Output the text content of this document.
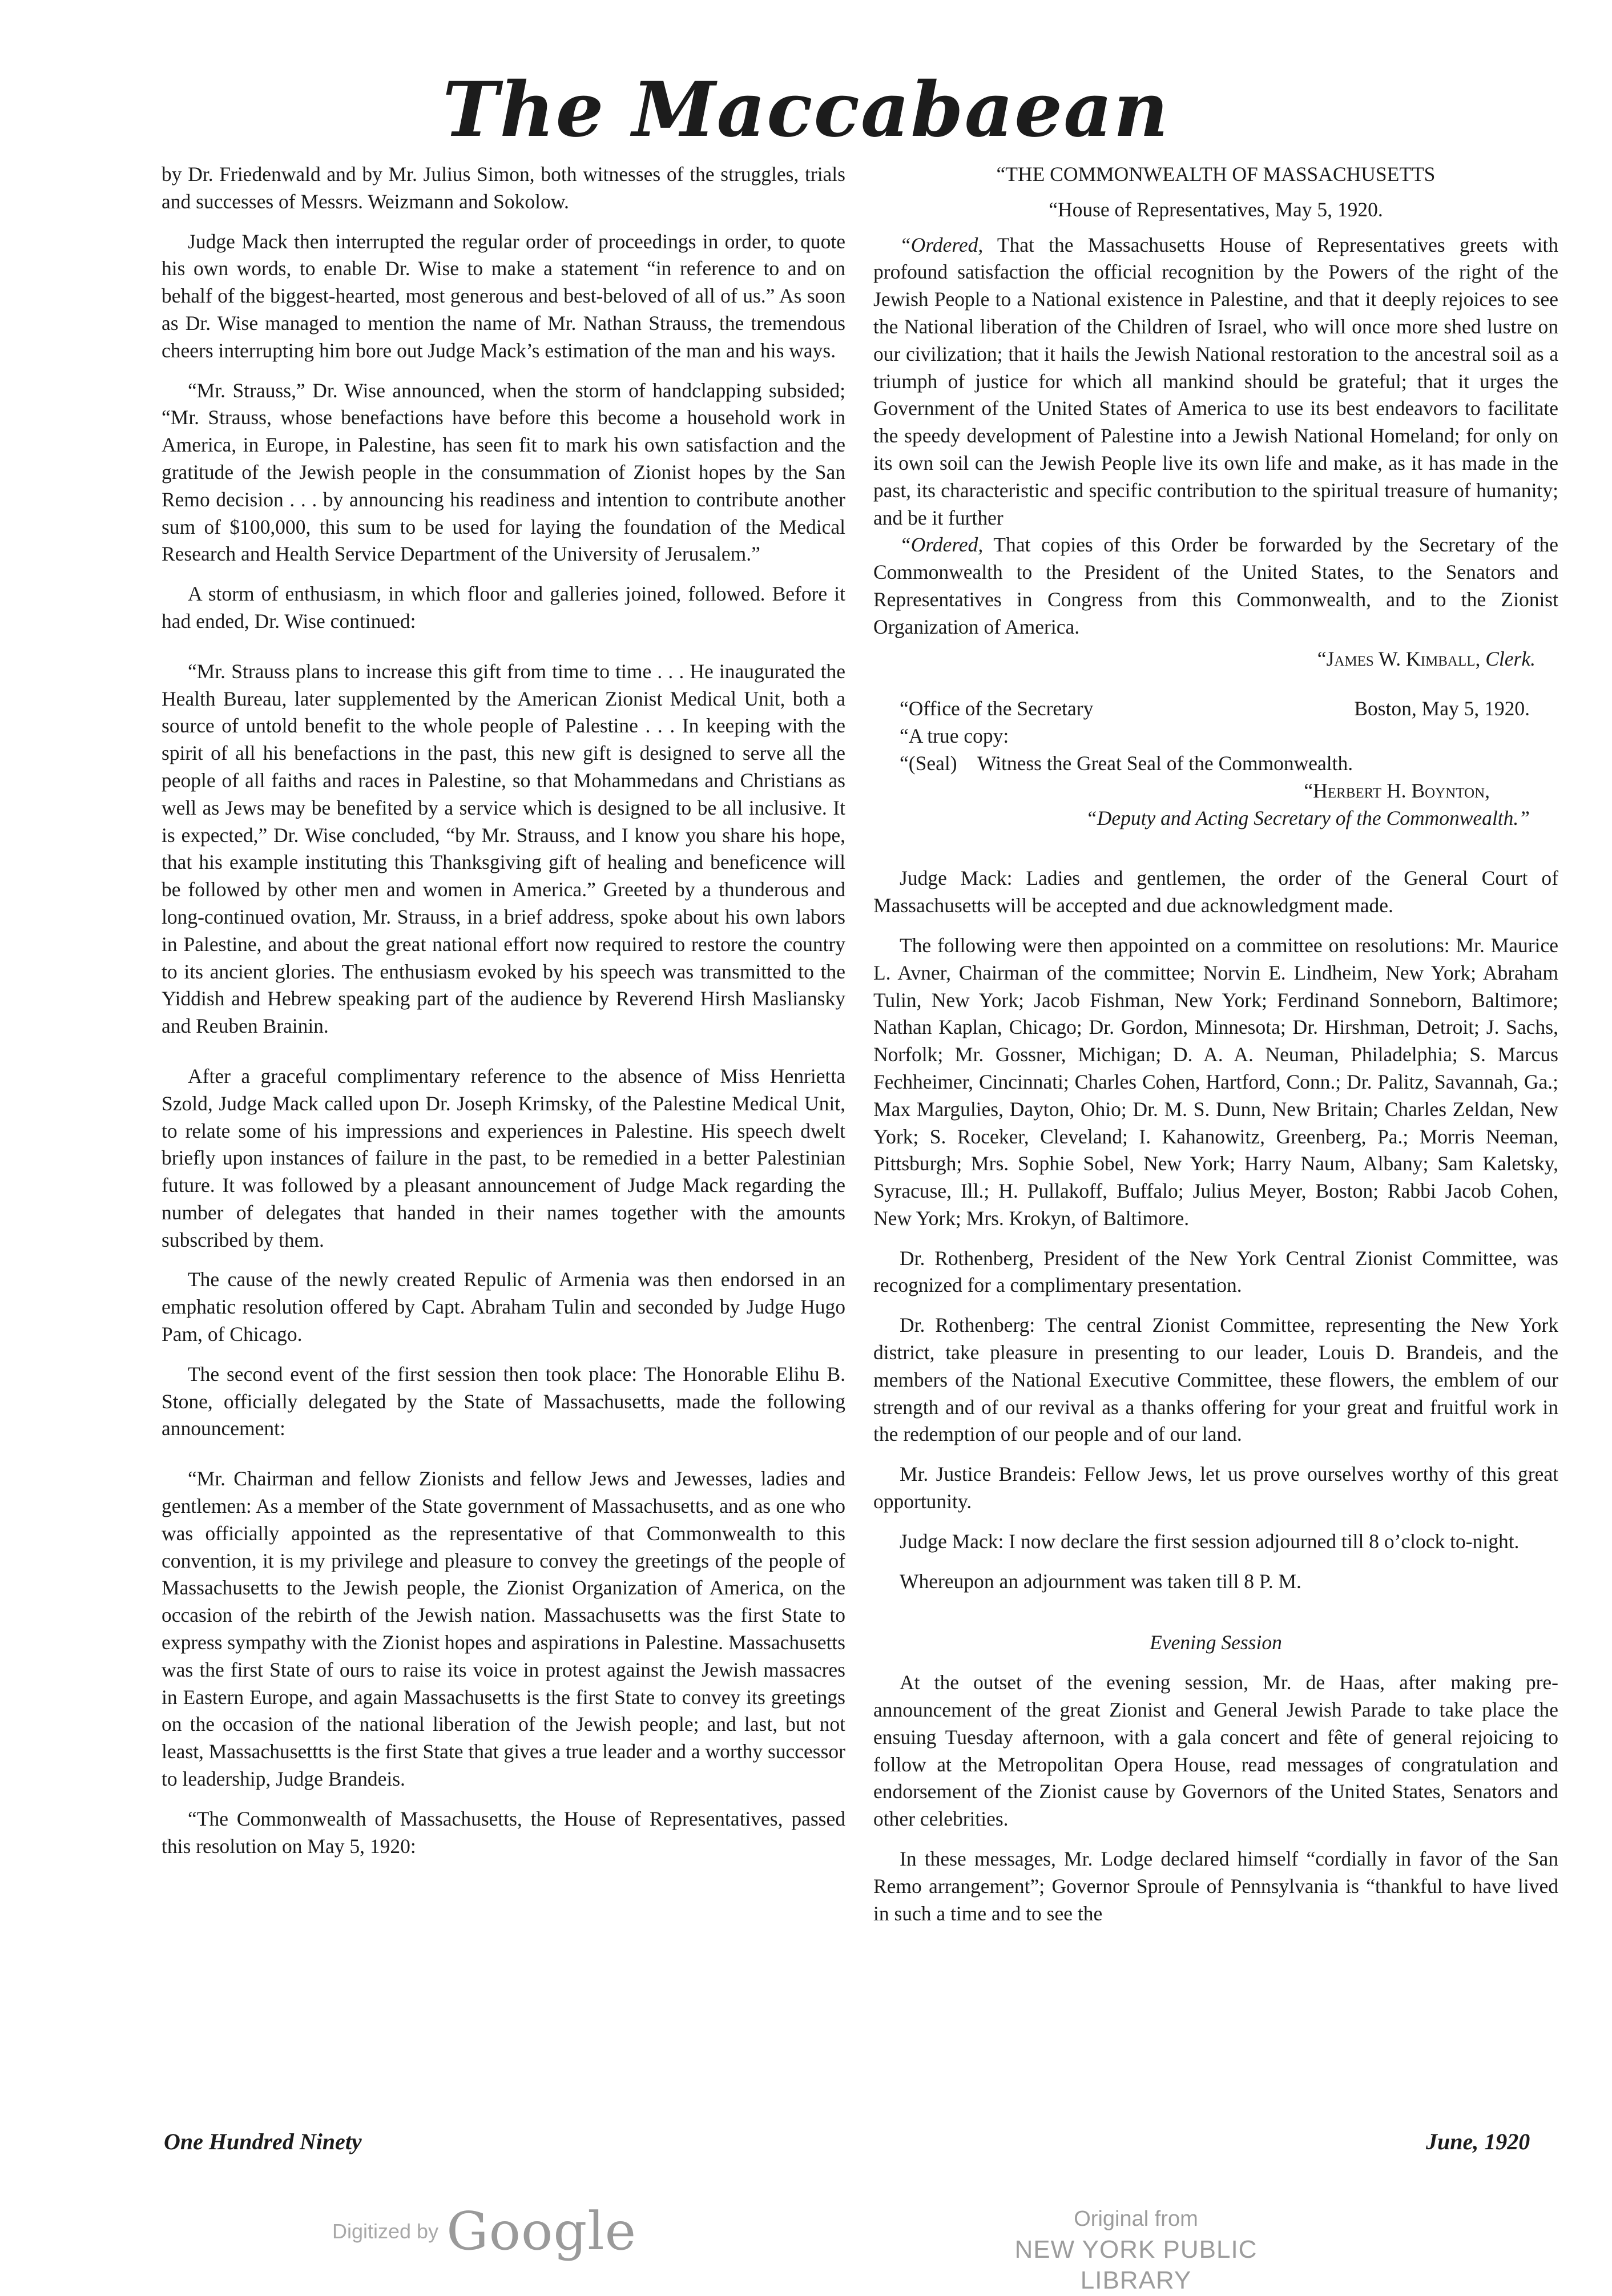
The Maccabaean

by Dr. Friedenwald and by Mr. Julius Simon, both witnesses of the struggles, trials and successes of Messrs. Weizmann and Sokolow.

Judge Mack then interrupted the regular order of proceedings in order, to quote his own words, to enable Dr. Wise to make a statement “in reference to and on behalf of the biggest-hearted, most generous and best-beloved of all of us.” As soon as Dr. Wise managed to mention the name of Mr. Nathan Strauss, the tremendous cheers interrupting him bore out Judge Mack’s estimation of the man and his ways.

“Mr. Strauss,” Dr. Wise announced, when the storm of handclapping subsided; “Mr. Strauss, whose benefactions have before this become a household work in America, in Europe, in Palestine, has seen fit to mark his own satisfaction and the gratitude of the Jewish people in the consummation of Zionist hopes by the San Remo decision . . . by announcing his readiness and intention to contribute another sum of $100,000, this sum to be used for laying the foundation of the Medical Research and Health Service Department of the University of Jerusalem.”

A storm of enthusiasm, in which floor and galleries joined, followed. Before it had ended, Dr. Wise continued:

“Mr. Strauss plans to increase this gift from time to time . . . He inaugurated the Health Bureau, later supplemented by the American Zionist Medical Unit, both a source of untold benefit to the whole people of Palestine . . . In keeping with the spirit of all his benefactions in the past, this new gift is designed to serve all the people of all faiths and races in Palestine, so that Mohammedans and Christians as well as Jews may be benefited by a service which is designed to be all inclusive. It is expected,” Dr. Wise concluded, “by Mr. Strauss, and I know you share his hope, that his example instituting this Thanksgiving gift of healing and beneficence will be followed by other men and women in America.” Greeted by a thunderous and long-continued ovation, Mr. Strauss, in a brief address, spoke about his own labors in Palestine, and about the great national effort now required to restore the country to its ancient glories. The enthusiasm evoked by his speech was transmitted to the Yiddish and Hebrew speaking part of the audience by Reverend Hirsh Masliansky and Reuben Brainin.

After a graceful complimentary reference to the absence of Miss Henrietta Szold, Judge Mack called upon Dr. Joseph Krimsky, of the Palestine Medical Unit, to relate some of his impressions and experiences in Palestine. His speech dwelt briefly upon instances of failure in the past, to be remedied in a better Palestinian future. It was followed by a pleasant announcement of Judge Mack regarding the number of delegates that handed in their names together with the amounts subscribed by them.

The cause of the newly created Repulic of Armenia was then endorsed in an emphatic resolution offered by Capt. Abraham Tulin and seconded by Judge Hugo Pam, of Chicago.

The second event of the first session then took place: The Honorable Elihu B. Stone, officially delegated by the State of Massachusetts, made the following announcement:

“Mr. Chairman and fellow Zionists and fellow Jews and Jewesses, ladies and gentlemen: As a member of the State government of Massachusetts, and as one who was officially appointed as the representative of that Commonwealth to this convention, it is my privilege and pleasure to convey the greetings of the people of Massachusetts to the Jewish people, the Zionist Organization of America, on the occasion of the rebirth of the Jewish nation. Massachusetts was the first State to express sympathy with the Zionist hopes and aspirations in Palestine. Massachusetts was the first State of ours to raise its voice in protest against the Jewish massacres in Eastern Europe, and again Massachusetts is the first State to convey its greetings on the occasion of the national liberation of the Jewish people; and last, but not least, Massachusettts is the first State that gives a true leader and a worthy successor to leadership, Judge Brandeis.

“The Commonwealth of Massachusetts, the House of Representatives, passed this resolution on May 5, 1920:

“THE COMMONWEALTH OF MASSACHUSETTS

“House of Representatives, May 5, 1920.

“Ordered, That the Massachusetts House of Representatives greets with profound satisfaction the official recognition by the Powers of the right of the Jewish People to a National existence in Palestine, and that it deeply rejoices to see the National liberation of the Children of Israel, who will once more shed lustre on our civilization; that it hails the Jewish National restoration to the ancestral soil as a triumph of justice for which all mankind should be grateful; that it urges the Government of the United States of America to use its best endeavors to facilitate the speedy development of Palestine into a Jewish National Homeland; for only on its own soil can the Jewish People live its own life and make, as it has made in the past, its characteristic and specific contribution to the spiritual treasure of humanity; and be it further

“Ordered, That copies of this Order be forwarded by the Secretary of the Commonwealth to the President of the United States, to the Senators and Representatives in Congress from this Commonwealth, and to the Zionist Organization of America.

“James W. Kimball, Clerk.

“Office of the Secretary	Boston, May 5, 1920.

“A true copy:

“(Seal) Witness the Great Seal of the Commonwealth.

“Herbert H. Boynton,

“Deputy and Acting Secretary of the Commonwealth.”

Judge Mack: Ladies and gentlemen, the order of the General Court of Massachusetts will be accepted and due acknowledgment made.

The following were then appointed on a committee on resolutions: Mr. Maurice L. Avner, Chairman of the committee; Norvin E. Lindheim, New York; Abraham Tulin, New York; Jacob Fishman, New York; Ferdinand Sonneborn, Baltimore; Nathan Kaplan, Chicago; Dr. Gordon, Minnesota; Dr. Hirshman, Detroit; J. Sachs, Norfolk; Mr. Gossner, Michigan; D. A. A. Neuman, Philadelphia; S. Marcus Fechheimer, Cincinnati; Charles Cohen, Hartford, Conn.; Dr. Palitz, Savannah, Ga.; Max Margulies, Dayton, Ohio; Dr. M. S. Dunn, New Britain; Charles Zeldan, New York; S. Roceker, Cleveland; I. Kahanowitz, Greenberg, Pa.; Morris Neeman, Pittsburgh; Mrs. Sophie Sobel, New York; Harry Naum, Albany; Sam Kaletsky, Syracuse, Ill.; H. Pullakoff, Buffalo; Julius Meyer, Boston; Rabbi Jacob Cohen, New York; Mrs. Krokyn, of Baltimore.

Dr. Rothenberg, President of the New York Central Zionist Committee, was recognized for a complimentary presentation.

Dr. Rothenberg: The central Zionist Committee, representing the New York district, take pleasure in presenting to our leader, Louis D. Brandeis, and the members of the National Executive Committee, these flowers, the emblem of our strength and of our revival as a thanks offering for your great and fruitful work in the redemption of our people and of our land.

Mr. Justice Brandeis: Fellow Jews, let us prove ourselves worthy of this great opportunity.

Judge Mack: I now declare the first session adjourned till 8 o’clock to-night.

Whereupon an adjournment was taken till 8 P. M.

Evening Session

At the outset of the evening session, Mr. de Haas, after making pre-announcement of the great Zionist and General Jewish Parade to take place the ensuing Tuesday afternoon, with a gala concert and fête of general rejoicing to follow at the Metropolitan Opera House, read messages of congratulation and endorsement of the Zionist cause by Governors of the United States, Senators and other celebrities.

In these messages, Mr. Lodge declared himself “cordially in favor of the San Remo arrangement”; Governor Sproule of Pennsylvania is “thankful to have lived in such a time and to see the

One Hundred Ninety	June, 1920
Digitized by Google	Original from
NEW YORK PUBLIC LIBRARY
